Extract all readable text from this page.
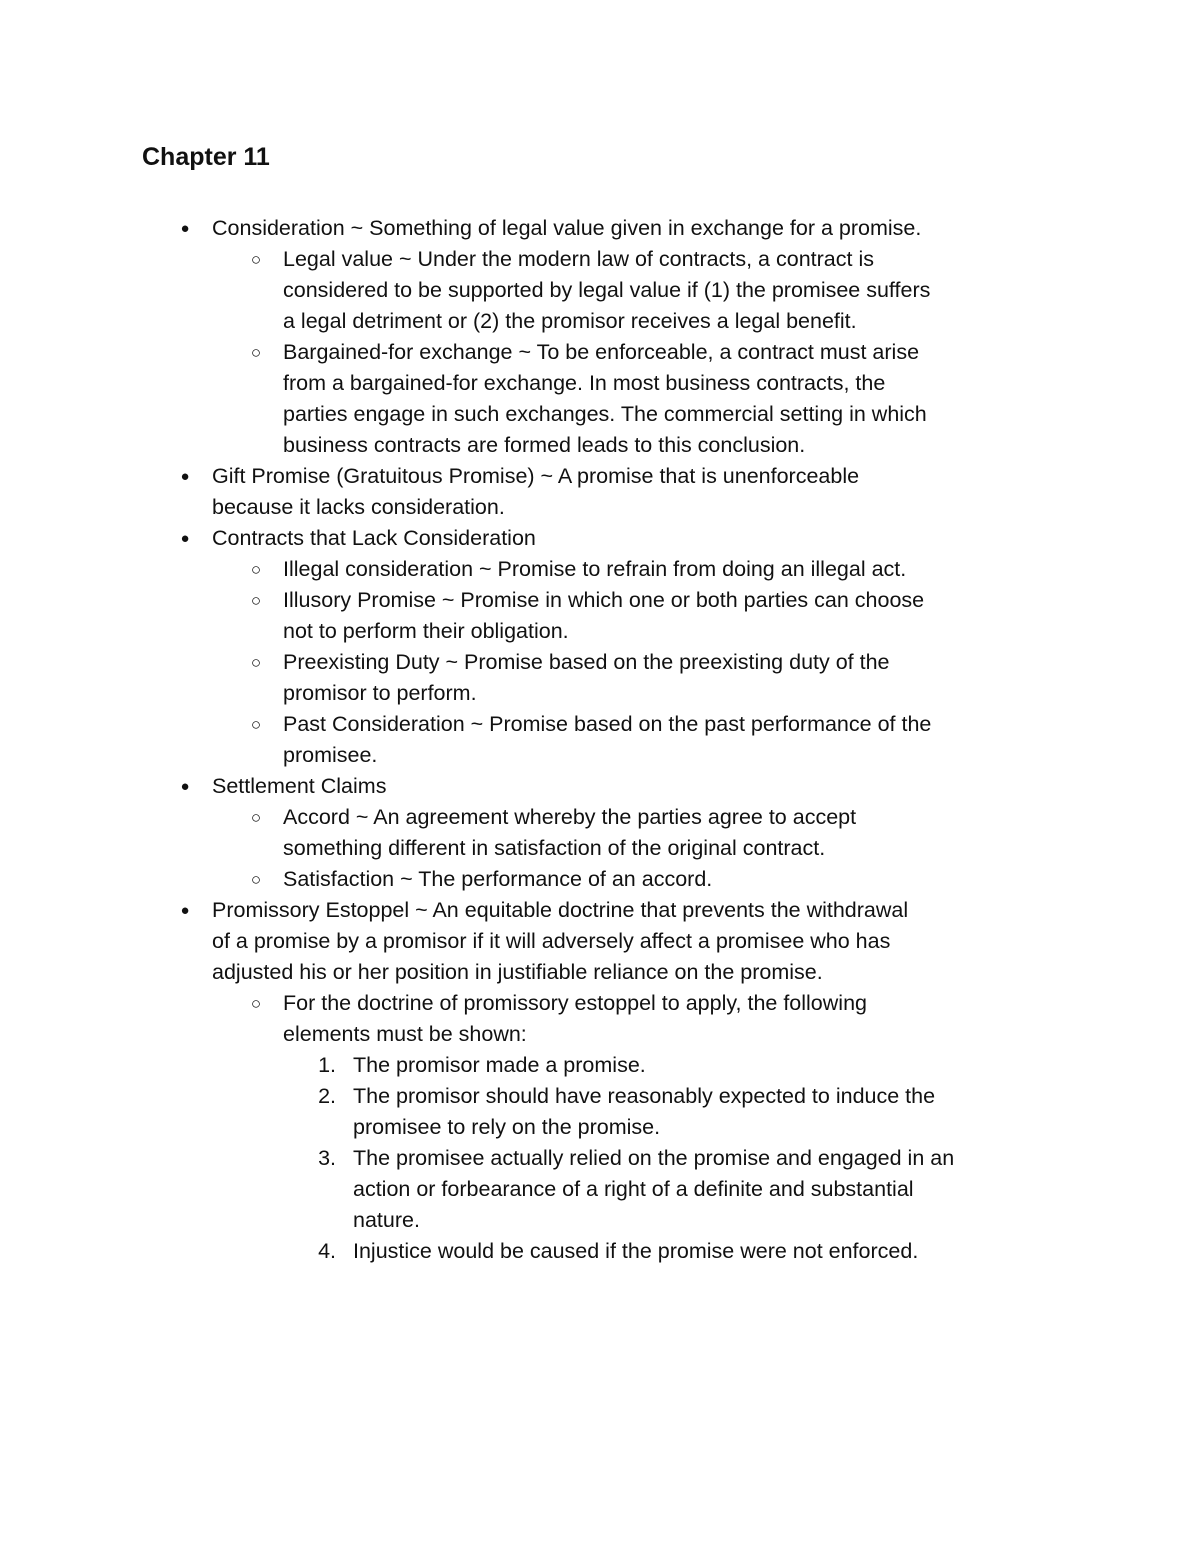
Chapter 11
●	Consideration ~ Something of legal value given in exchange for a promise.
○ Legal value ~ Under the modern law of contracts, a contract is
considered to be supported by legal value if (1) the promisee suffers
a legal detriment or (2) the promisor receives a legal benefit.
○ Bargained-for exchange ~ To be enforceable, a contract must arise
from a bargained-for exchange. In most business contracts, the
parties engage in such exchanges. The commercial setting in which
business contracts are formed leads to this conclusion.
●	Gift Promise (Gratuitous Promise) ~ A promise that is unenforceable
because it lacks consideration.
●	Contracts that Lack Consideration
○ Illegal consideration ~ Promise to refrain from doing an illegal act.
○ Illusory Promise ~ Promise in which one or both parties can choose
not to perform their obligation.
○ Preexisting Duty ~ Promise based on the preexisting duty of the
promisor to perform.
○ Past Consideration ~ Promise based on the past performance of the
promisee.
●	Settlement Claims
○ Accord ~ An agreement whereby the parties agree to accept
something different in satisfaction of the original contract.
○ Satisfaction ~ The performance of an accord.
●	Promissory Estoppel ~ An equitable doctrine that prevents the withdrawal
of a promise by a promisor if it will adversely affect a promisee who has
adjusted his or her position in justifiable reliance on the promise.
○ For the doctrine of promissory estoppel to apply, the following
elements must be shown:
1. The promisor made a promise.
2. The promisor should have reasonably expected to induce the
promisee to rely on the promise.
3. The promisee actually relied on the promise and engaged in an
action or forbearance of a right of a definite and substantial
nature.
4. Injustice would be caused if the promise were not enforced.
